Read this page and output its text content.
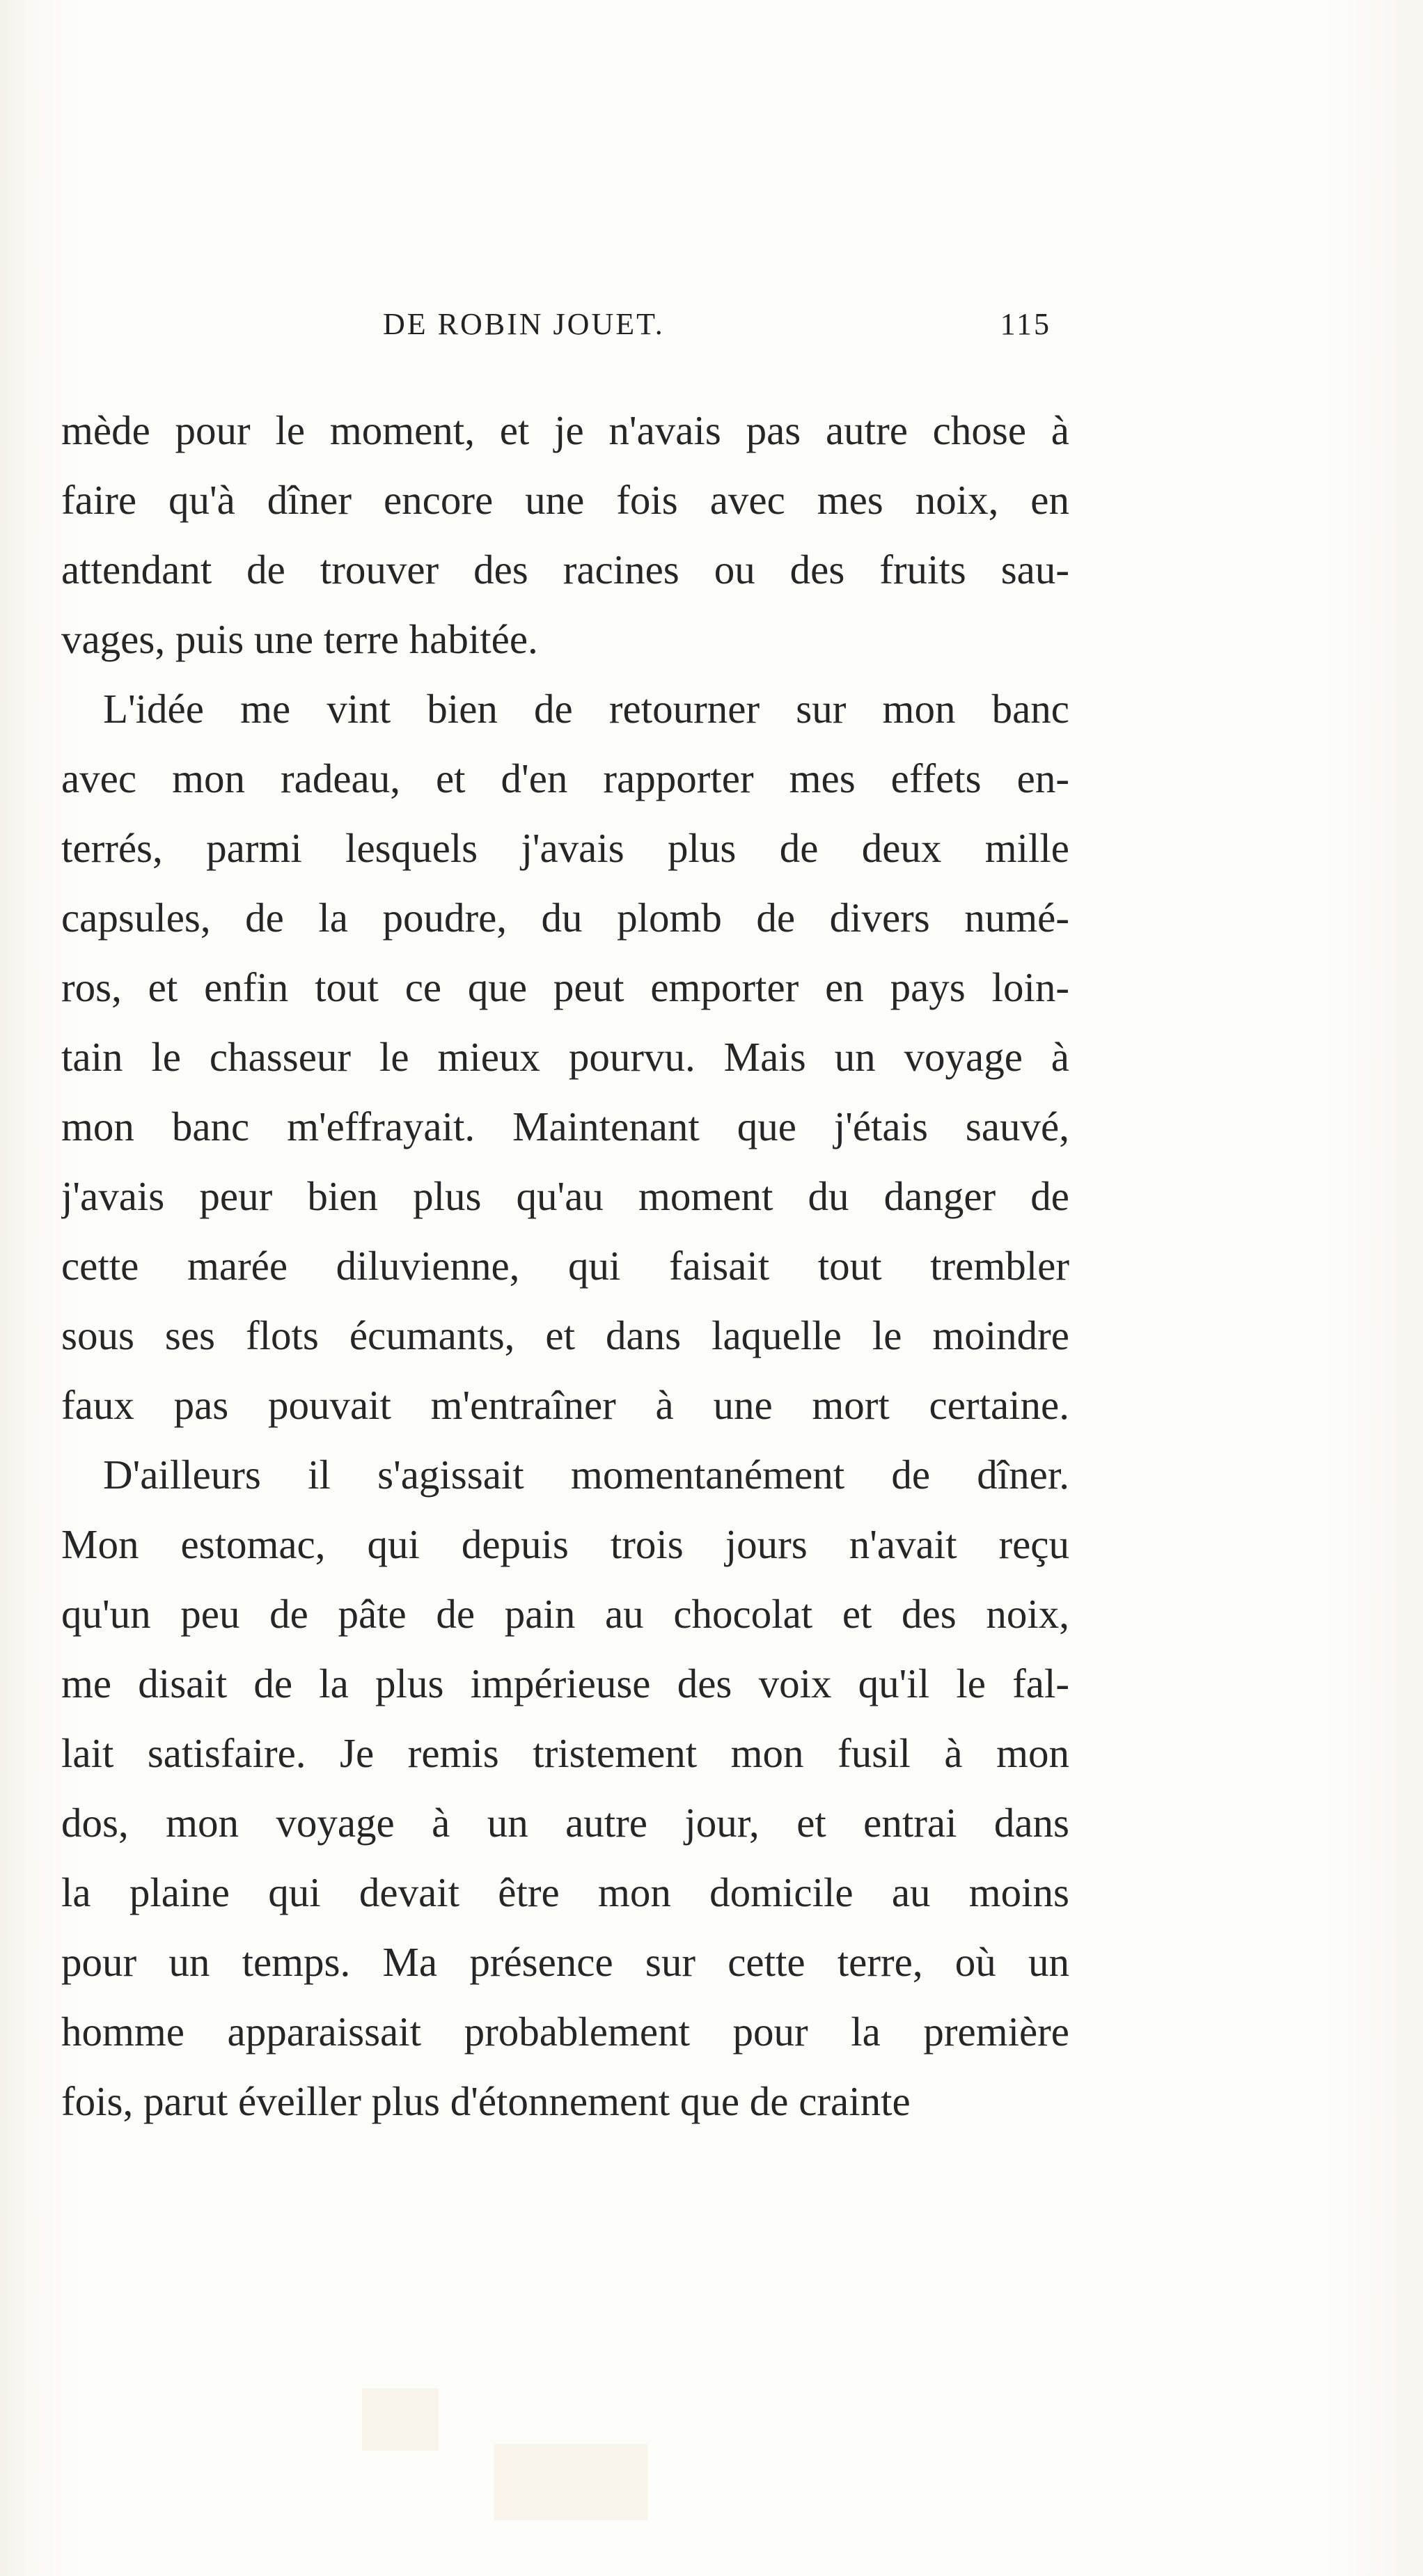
DE ROBIN JOUET.	115
mède pour le moment, et je n'avais pas autre chose à
faire qu'à dîner encore une fois avec mes noix, en
attendant de trouver des racines ou des fruits sau-
vages, puis une terre habitée.
L'idée me vint bien de retourner sur mon banc
avec mon radeau, et d'en rapporter mes effets en-
terrés, parmi lesquels j'avais plus de deux mille
capsules, de la poudre, du plomb de divers numé-
ros, et enfin tout ce que peut emporter en pays loin-
tain le chasseur le mieux pourvu. Mais un voyage à
mon banc m'effrayait. Maintenant que j'étais sauvé,
j'avais peur bien plus qu'au moment du danger de
cette marée diluvienne, qui faisait tout trembler
sous ses flots écumants, et dans laquelle le moindre
faux pas pouvait m'entraîner à une mort certaine.
D'ailleurs il s'agissait momentanément de dîner.
Mon estomac, qui depuis trois jours n'avait reçu
qu'un peu de pâte de pain au chocolat et des noix,
me disait de la plus impérieuse des voix qu'il le fal-
lait satisfaire. Je remis tristement mon fusil à mon
dos, mon voyage à un autre jour, et entrai dans
la plaine qui devait être mon domicile au moins
pour un temps. Ma présence sur cette terre, où un
homme apparaissait probablement pour la première
fois, parut éveiller plus d'étonnement que de crainte
